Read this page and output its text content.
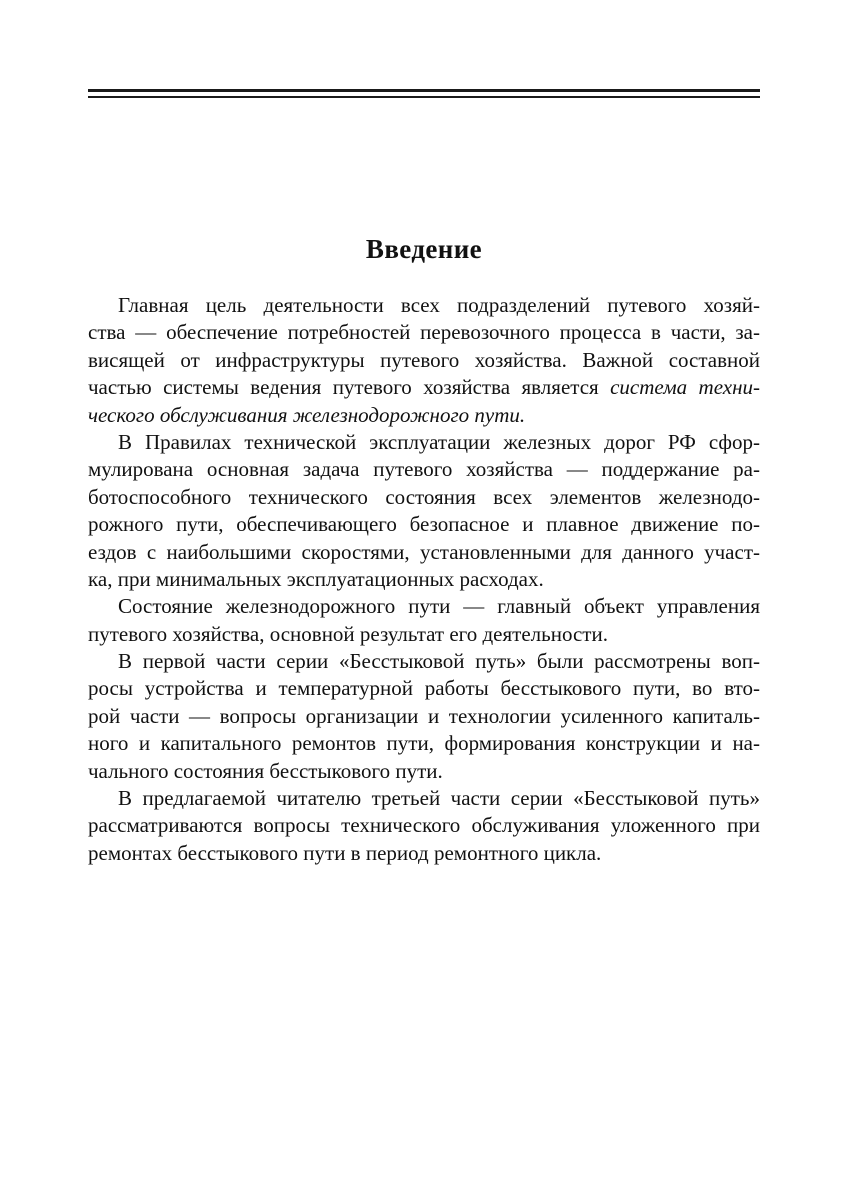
Введение
Главная цель деятельности всех подразделений путевого хозяй-
ства — обеспечение потребностей перевозочного процесса в части, за-
висящей от инфраструктуры путевого хозяйства. Важной составной
частью системы ведения путевого хозяйства является система техни-
ческого обслуживания железнодорожного пути.
В Правилах технической эксплуатации железных дорог РФ сфор-
мулирована основная задача путевого хозяйства — поддержание ра-
ботоспособного технического состояния всех элементов железнодо-
рожного пути, обеспечивающего безопасное и плавное движение по-
ездов с наибольшими скоростями, установленными для данного участ-
ка, при минимальных эксплуатационных расходах.
Состояние железнодорожного пути — главный объект управления
путевого хозяйства, основной результат его деятельности.
В первой части серии «Бесстыковой путь» были рассмотрены воп-
росы устройства и температурной работы бесстыкового пути, во вто-
рой части — вопросы организации и технологии усиленного капиталь-
ного и капитального ремонтов пути, формирования конструкции и на-
чального состояния бесстыкового пути.
В предлагаемой читателю третьей части серии «Бесстыковой путь»
рассматриваются вопросы технического обслуживания уложенного при
ремонтах бесстыкового пути в период ремонтного цикла.
